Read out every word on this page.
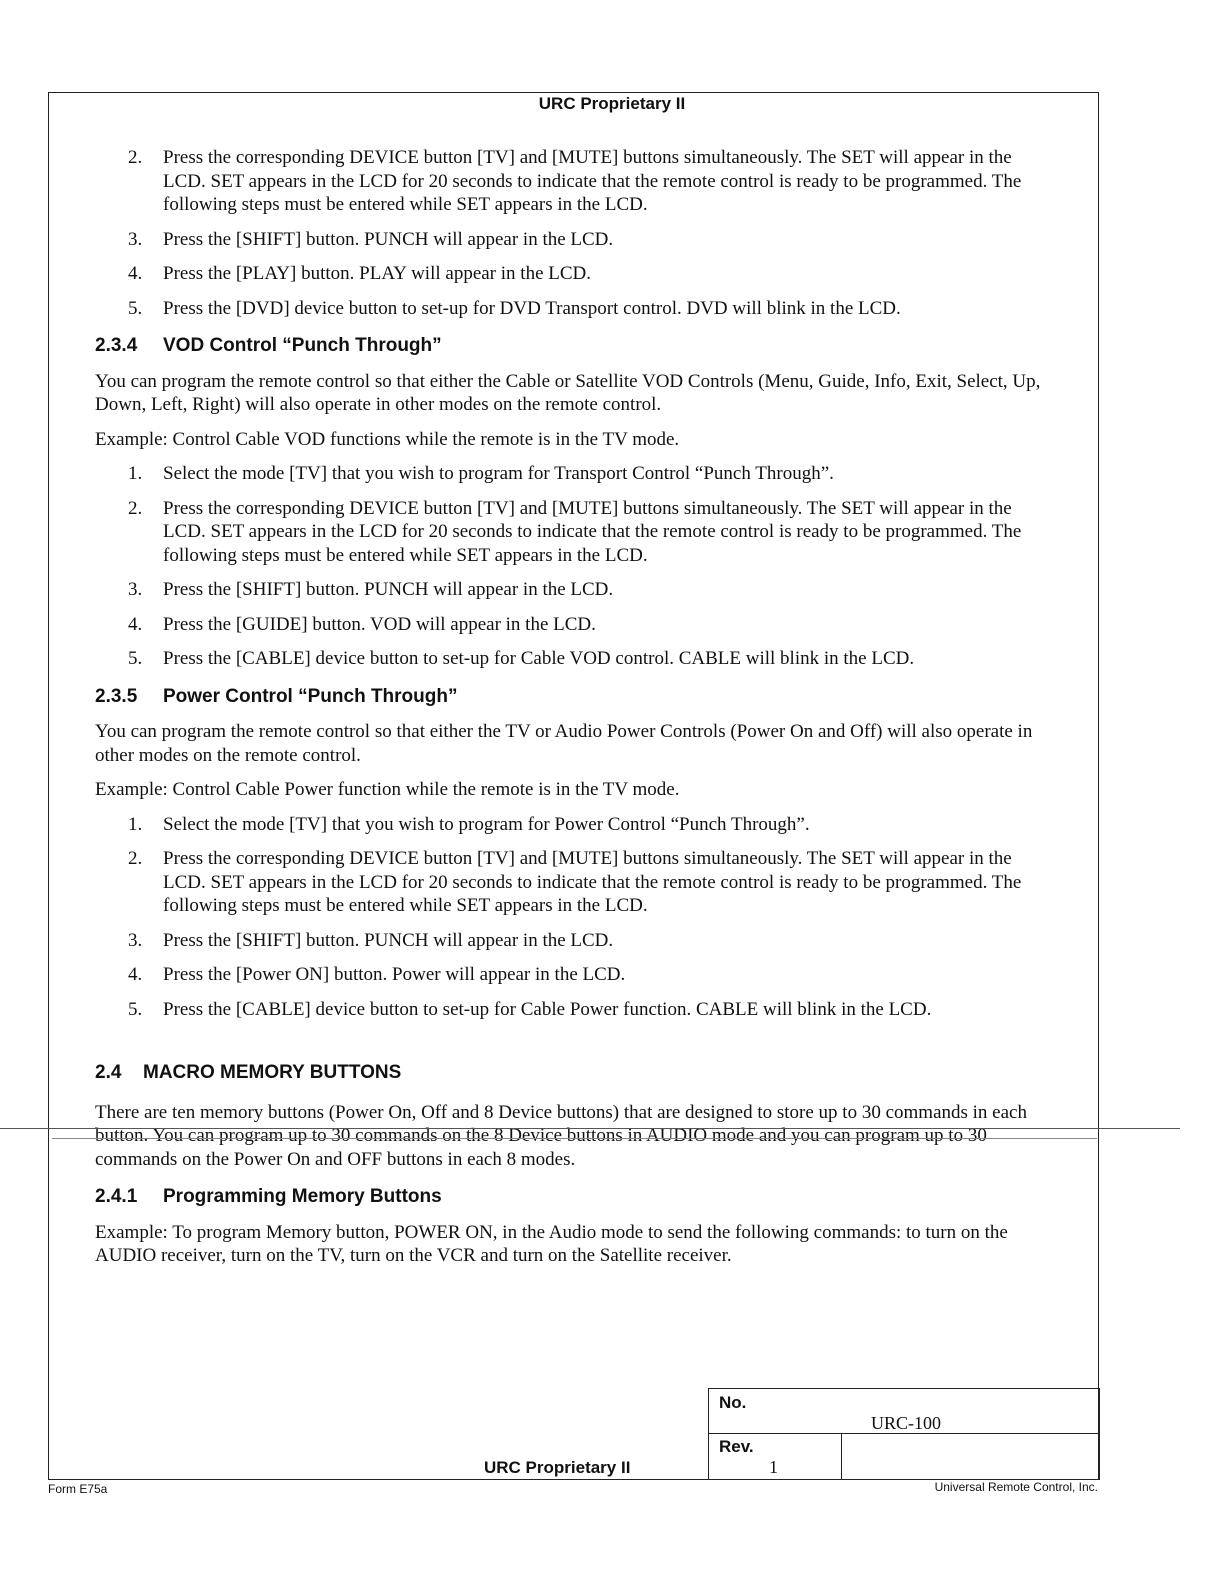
URC Proprietary II
2. Press the corresponding DEVICE button [TV] and [MUTE] buttons simultaneously. The SET will appear in the LCD. SET appears in the LCD for 20 seconds to indicate that the remote control is ready to be programmed. The following steps must be entered while SET appears in the LCD.
3. Press the [SHIFT] button. PUNCH will appear in the LCD.
4. Press the [PLAY] button. PLAY will appear in the LCD.
5. Press the [DVD] device button to set-up for DVD Transport control. DVD will blink in the LCD.
2.3.4 VOD Control “Punch Through”

You can program the remote control so that either the Cable or Satellite VOD Controls (Menu, Guide, Info, Exit, Select, Up, Down, Left, Right) will also operate in other modes on the remote control.

Example: Control Cable VOD functions while the remote is in the TV mode.

1. Select the mode [TV] that you wish to program for Transport Control “Punch Through”.
2. Press the corresponding DEVICE button [TV] and [MUTE] buttons simultaneously. The SET will appear in the LCD. SET appears in the LCD for 20 seconds to indicate that the remote control is ready to be programmed. The following steps must be entered while SET appears in the LCD.
3. Press the [SHIFT] button. PUNCH will appear in the LCD.
4. Press the [GUIDE] button. VOD will appear in the LCD.
5. Press the [CABLE] device button to set-up for Cable VOD control. CABLE will blink in the LCD.
2.3.5 Power Control “Punch Through”

You can program the remote control so that either the TV or Audio Power Controls (Power On and Off) will also operate in other modes on the remote control.

Example: Control Cable Power function while the remote is in the TV mode.

1. Select the mode [TV] that you wish to program for Power Control “Punch Through”.
2. Press the corresponding DEVICE button [TV] and [MUTE] buttons simultaneously. The SET will appear in the LCD. SET appears in the LCD for 20 seconds to indicate that the remote control is ready to be programmed. The following steps must be entered while SET appears in the LCD.
3. Press the [SHIFT] button. PUNCH will appear in the LCD.
4. Press the [Power ON] button. Power will appear in the LCD.
5. Press the [CABLE] device button to set-up for Cable Power function. CABLE will blink in the LCD.
2.4 MACRO MEMORY BUTTONS

There are ten memory buttons (Power On, Off and 8 Device buttons) that are designed to store up to 30 commands in each button. You can program up to 30 commands on the 8 Device buttons in AUDIO mode and you can program up to 30 commands on the Power On and OFF buttons in each 8 modes.

2.4.1 Programming Memory Buttons

Example: To program Memory button, POWER ON, in the Audio mode to send the following commands: to turn on the AUDIO receiver, turn on the TV, turn on the VCR and turn on the Satellite receiver.

No.
URC-100
Rev.
1
URC Proprietary II
Form E75a	Universal Remote Control, Inc.
